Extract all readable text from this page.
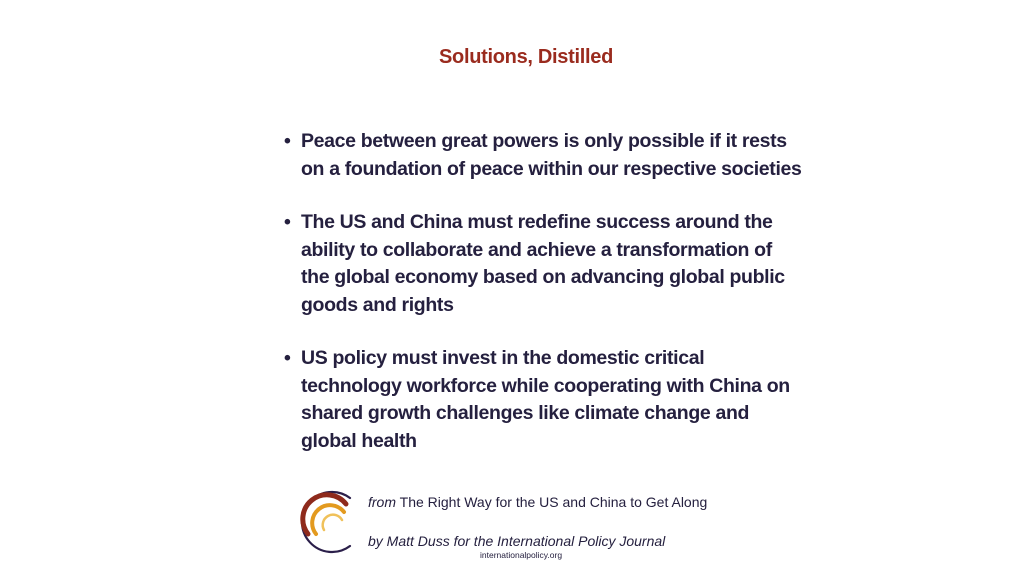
Solutions, Distilled
• Peace between great powers is only possible if it rests on a foundation of peace within our respective societies
• The US and China must redefine success around the ability to collaborate and achieve a transformation of the global economy based on advancing global public goods and rights
• US policy must invest in the domestic critical technology workforce while cooperating with China on shared growth challenges like climate change and global health
from The Right Way for the US and China to Get Along
by Matt Duss for the International Policy Journal
internationalpolicy.org
